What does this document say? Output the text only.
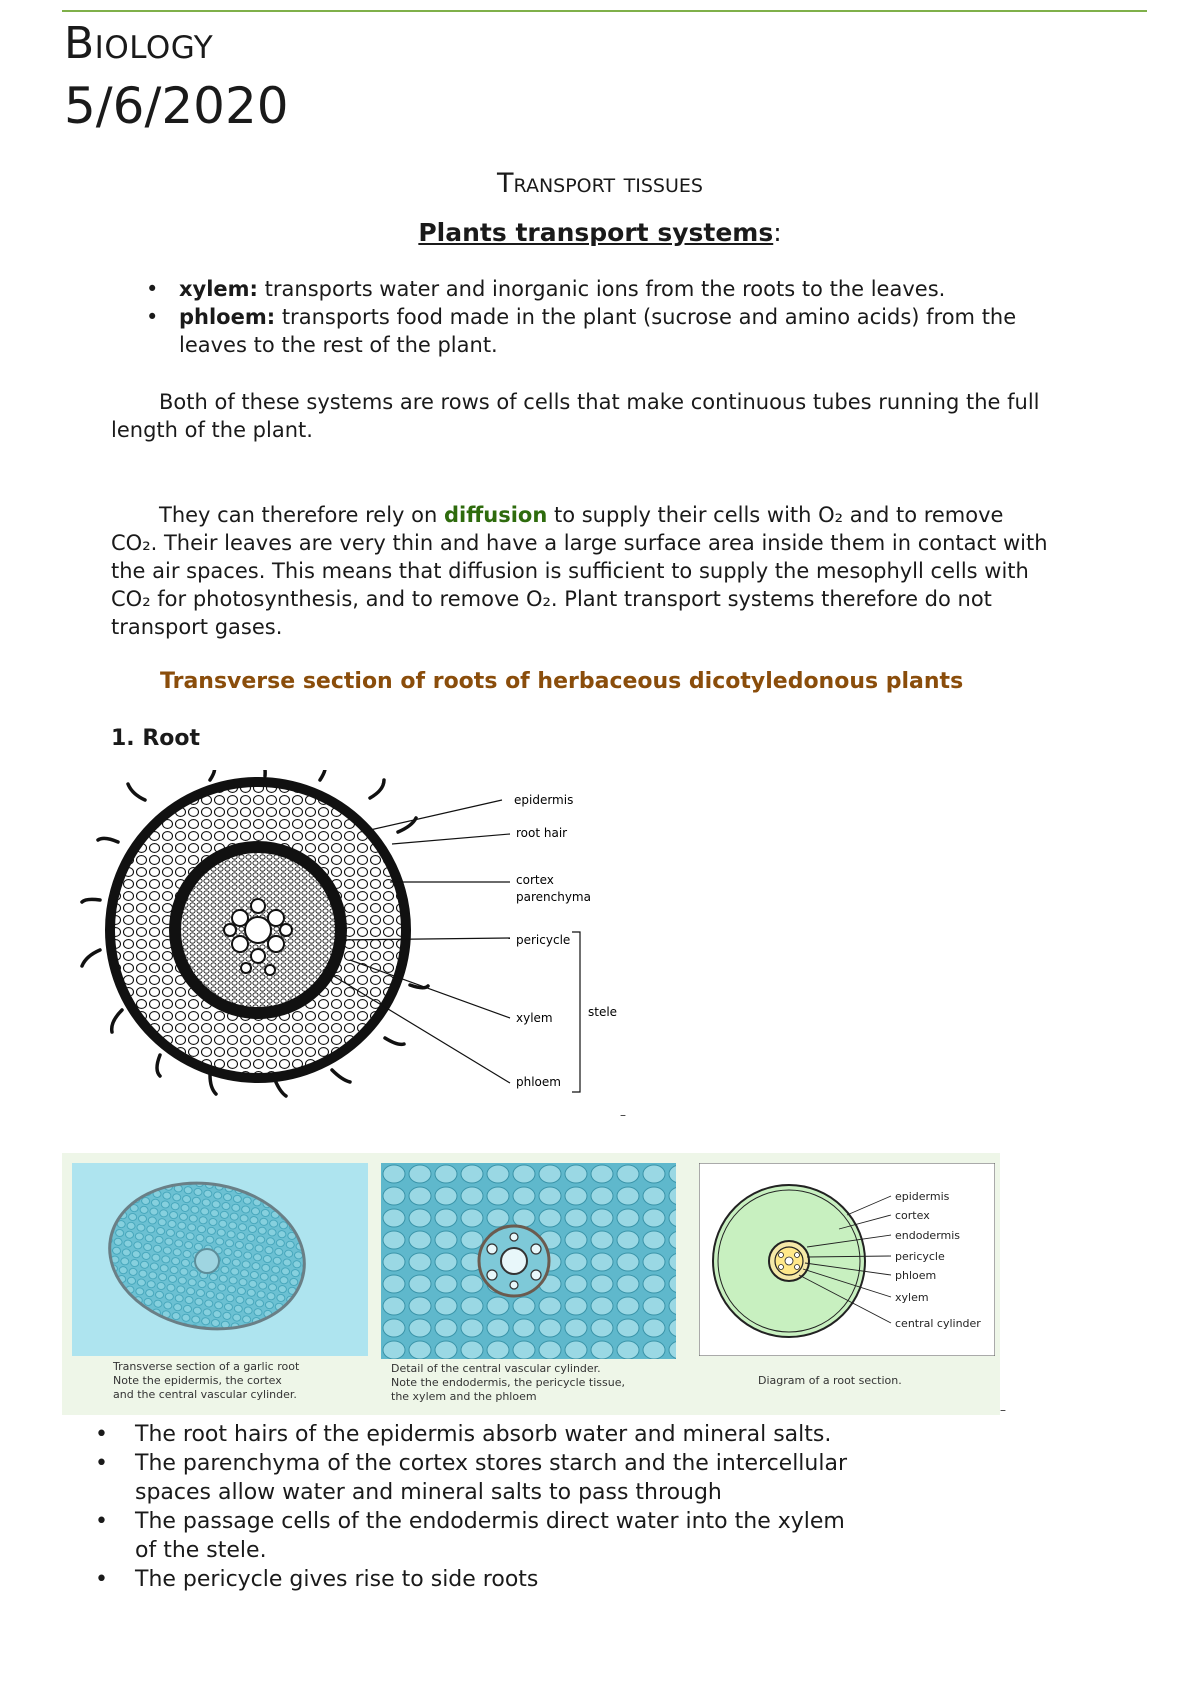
Biology
5/6/2020
Transport tissues
Plants transport systems:
• xylem: transports water and inorganic ions from the roots to the leaves.
• phloem: transports food made in the plant (sucrose and amino acids) from the leaves to the rest of the plant.
Both of these systems are rows of cells that make continuous tubes running the full length of the plant.
They can therefore rely on diffusion to supply their cells with O₂ and to remove CO₂. Their leaves are very thin and have a large surface area inside them in contact with the air spaces. This means that diffusion is sufficient to supply the mesophyll cells with CO₂ for photosynthesis, and to remove O₂. Plant transport systems therefore do not transport gases.
Transverse section of roots of herbaceous dicotyledonous plants
1. Root
epidermis
root hair
cortex
parenchyma
pericycle
xylem
phloem
stele
–
Transverse section of a garlic root
Note the epidermis, the cortex
and the central vascular cylinder.
Detail of the central vascular cylinder.
Note the endodermis, the pericycle tissue,
the xylem and the phloem
epidermis
cortex
endodermis
pericycle
phloem
xylem
central cylinder
Diagram of a root section.
–
•	The root hairs of the epidermis absorb water and mineral salts.
•	The parenchyma of the cortex stores starch and the intercellular spaces allow water and mineral salts to pass through
•	The passage cells of the endodermis direct water into the xylem of the stele.
•	The pericycle gives rise to side roots
